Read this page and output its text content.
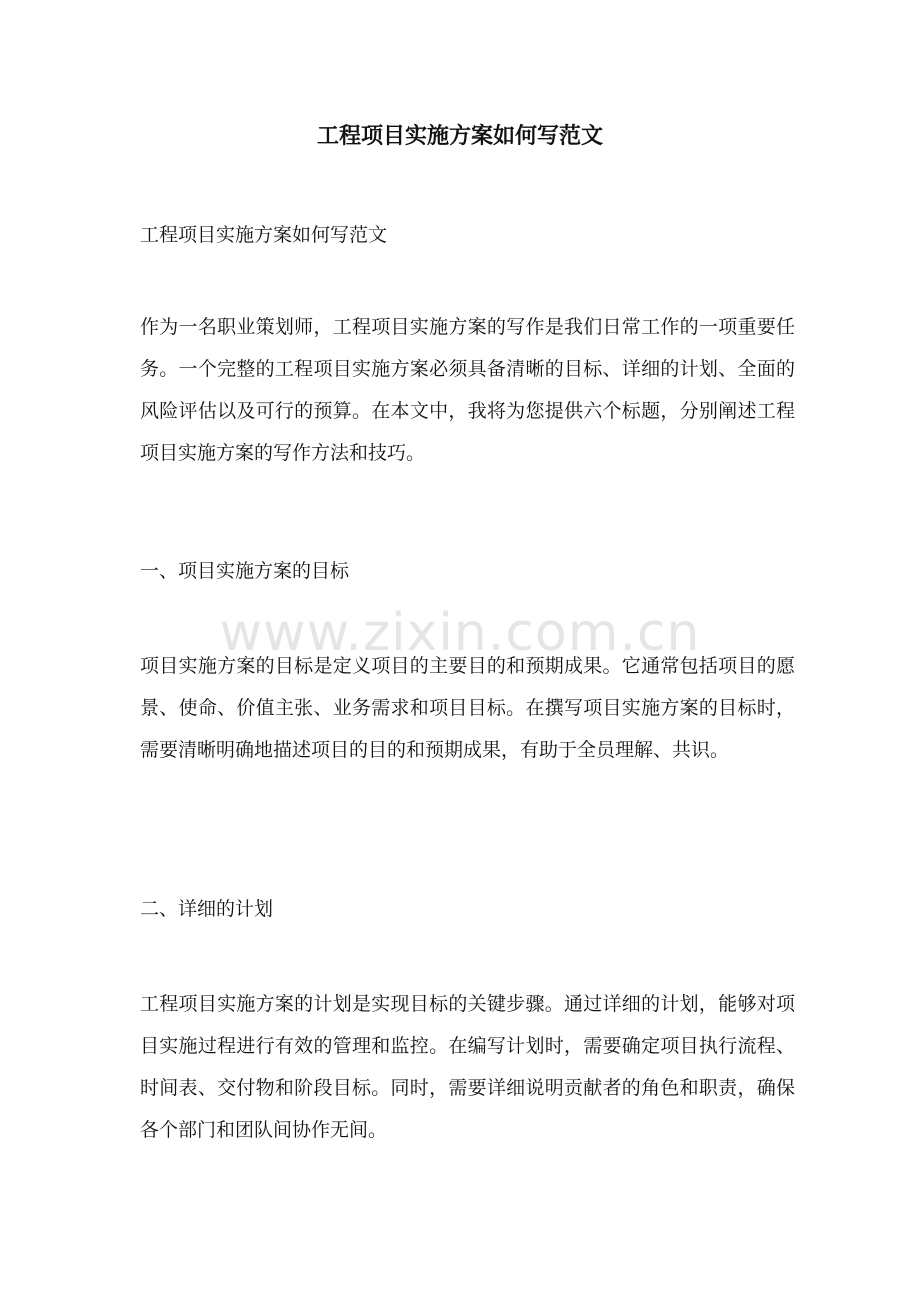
工程项目实施方案如何写范文

工程项目实施方案如何写范文

作为一名职业策划师，工程项目实施方案的写作是我们日常工作的一项重要任务。一个完整的工程项目实施方案必须具备清晰的目标、详细的计划、全面的风险评估以及可行的预算。在本文中，我将为您提供六个标题，分别阐述工程项目实施方案的写作方法和技巧。

一、项目实施方案的目标

项目实施方案的目标是定义项目的主要目的和预期成果。它通常包括项目的愿景、使命、价值主张、业务需求和项目目标。在撰写项目实施方案的目标时，需要清晰明确地描述项目的目的和预期成果，有助于全员理解、共识。

二、详细的计划

工程项目实施方案的计划是实现目标的关键步骤。通过详细的计划，能够对项目实施过程进行有效的管理和监控。在编写计划时，需要确定项目执行流程、时间表、交付物和阶段目标。同时，需要详细说明贡献者的角色和职责，确保各个部门和团队间协作无间。

www.zixin.com.cn
